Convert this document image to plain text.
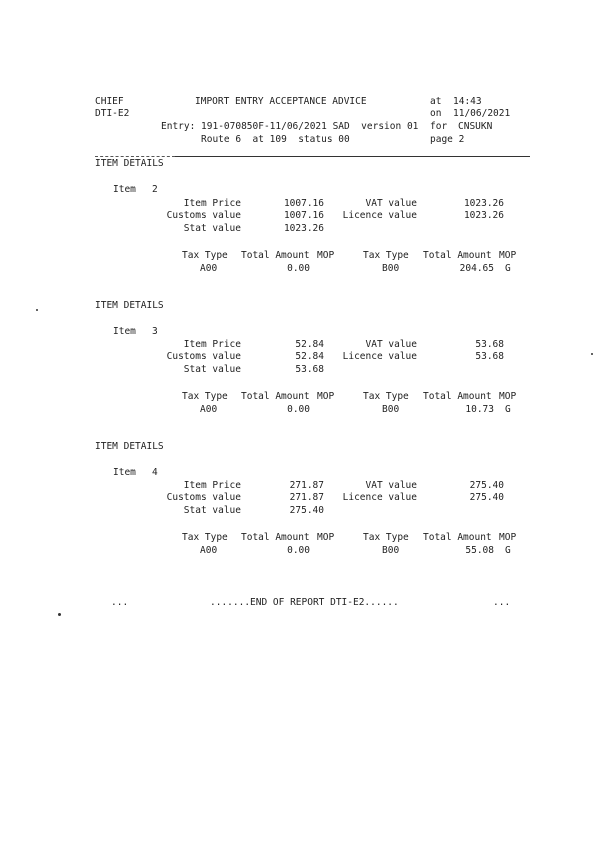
CHIEF
DTI-E2
IMPORT ENTRY ACCEPTANCE ADVICE	at 14:43
on 11/06/2021
Entry: 191-070850F-11/06/2021 SAD  version 01 for CNSUKN
Route 6  at 109  status 00	page 2
ITEM DETAILS
Item 2
Item Price	1007.16	VAT value	1023.26
Customs value	1007.16	Licence value	1023.26
Stat value	1023.26
Tax Type Total Amount MOP	Tax Type Total Amount MOP
A00	0.00	B00	204.65 G
ITEM DETAILS
Item 3
Item Price	52.84	VAT value	53.68
Customs value	52.84	Licence value	53.68
Stat value	53.68
Tax Type Total Amount MOP	Tax Type Total Amount MOP
A00	0.00	B00	10.73 G
ITEM DETAILS
Item 4
Item Price	271.87	VAT value	275.40
Customs value	271.87	Licence value	275.40
Stat value	275.40
Tax Type Total Amount MOP	Tax Type Total Amount MOP
A00	0.00	B00	55.08 G
...	.......END OF REPORT DTI-E2......	...
